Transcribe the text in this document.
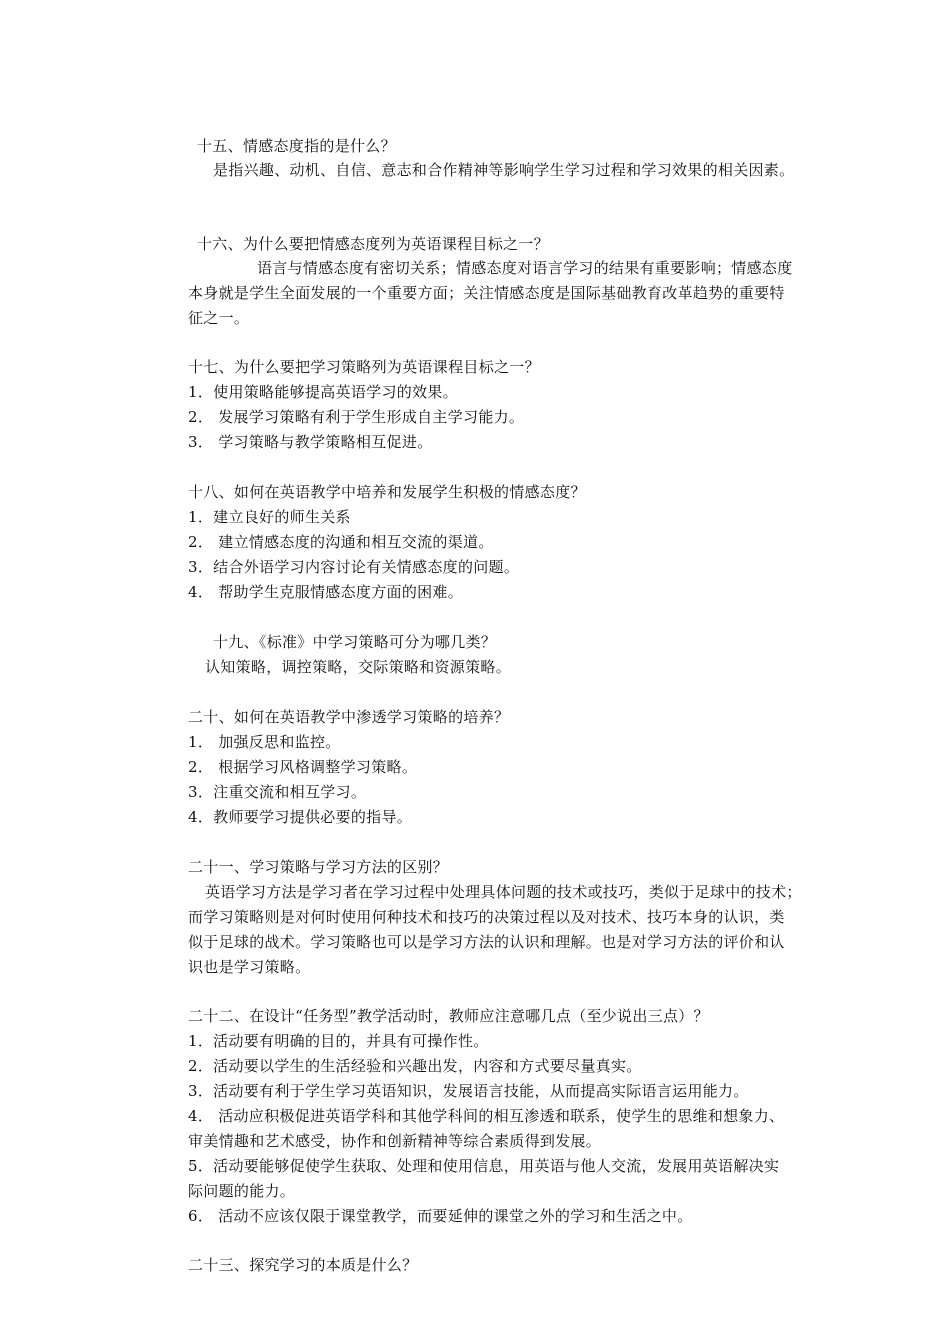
十五、情感态度指的是什么？
是指兴趣、动机、自信、意志和合作精神等影响学生学习过程和学习效果的相关因素。
十六、为什么要把情感态度列为英语课程目标之一？
语言与情感态度有密切关系；情感态度对语言学习的结果有重要影响；情感态度
本身就是学生全面发展的一个重要方面；关注情感态度是国际基础教育改革趋势的重要特
征之一。
十七、为什么要把学习策略列为英语课程目标之一？
1．使用策略能够提高英语学习的效果。
2． 发展学习策略有利于学生形成自主学习能力。
3． 学习策略与教学策略相互促进。
十八、如何在英语教学中培养和发展学生积极的情感态度？
1．建立良好的师生关系
2． 建立情感态度的沟通和相互交流的渠道。
3．结合外语学习内容讨论有关情感态度的问题。
4． 帮助学生克服情感态度方面的困难。
十九、《标准》中学习策略可分为哪几类？
认知策略，调控策略，交际策略和资源策略。
二十、如何在英语教学中渗透学习策略的培养？
1． 加强反思和监控。
2． 根据学习风格调整学习策略。
3．注重交流和相互学习。
4．教师要学习提供必要的指导。
二十一、学习策略与学习方法的区别？
英语学习方法是学习者在学习过程中处理具体问题的技术或技巧，类似于足球中的技术；
而学习策略则是对何时使用何种技术和技巧的决策过程以及对技术、技巧本身的认识，类
似于足球的战术。学习策略也可以是学习方法的认识和理解。也是对学习方法的评价和认
识也是学习策略。
二十二、在设计“任务型”教学活动时，教师应注意哪几点（至少说出三点）？
1．活动要有明确的目的，并具有可操作性。
2．活动要以学生的生活经验和兴趣出发，内容和方式要尽量真实。
3．活动要有利于学生学习英语知识，发展语言技能，从而提高实际语言运用能力。
4． 活动应积极促进英语学科和其他学科间的相互渗透和联系，使学生的思维和想象力、
审美情趣和艺术感受，协作和创新精神等综合素质得到发展。
5．活动要能够促使学生获取、处理和使用信息，用英语与他人交流，发展用英语解决实
际问题的能力。
6． 活动不应该仅限于课堂教学，而要延伸的课堂之外的学习和生活之中。
二十三、探究学习的本质是什么？
